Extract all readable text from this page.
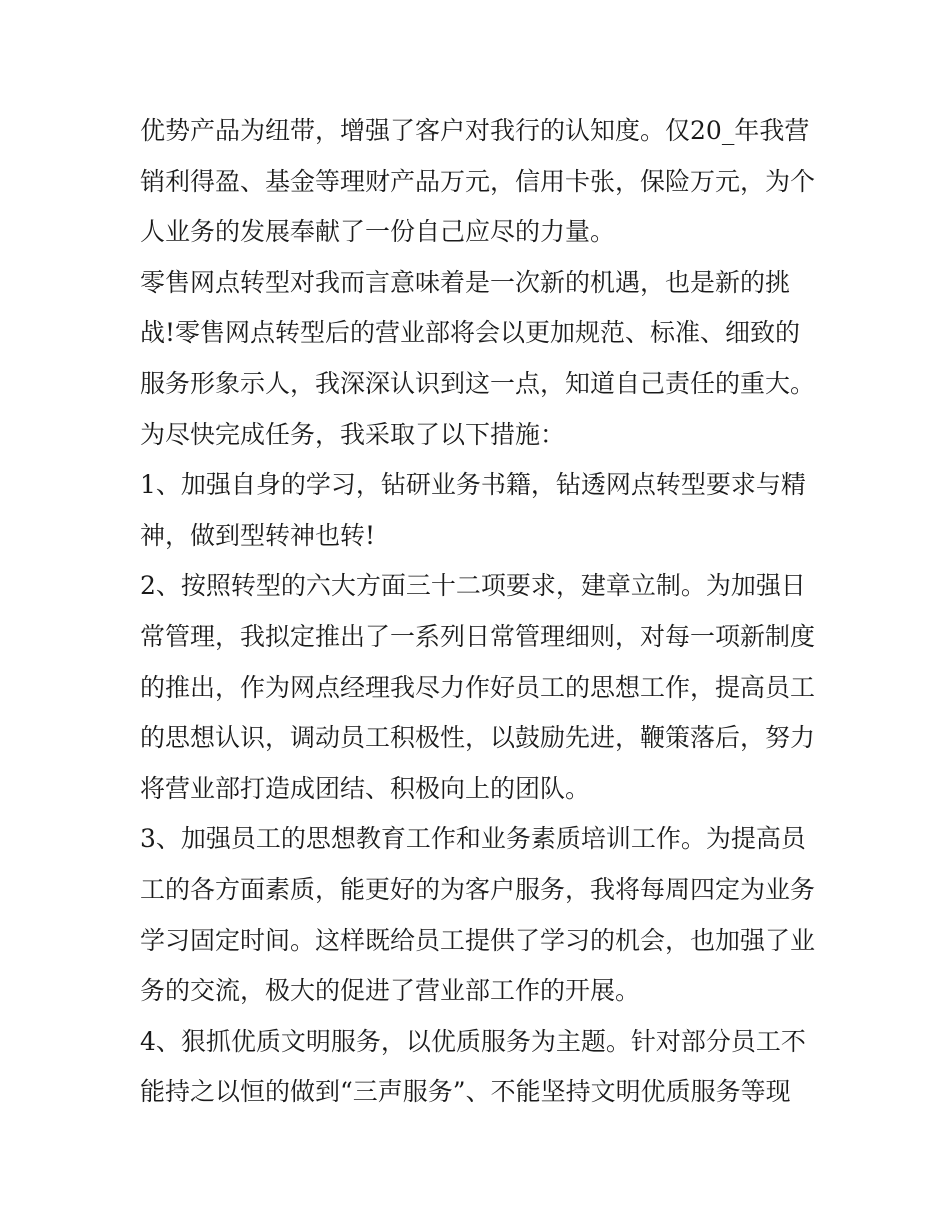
优势产品为纽带，增强了客户对我行的认知度。仅20_年我营
销利得盈、基金等理财产品万元，信用卡张，保险万元，为个
人业务的发展奉献了一份自己应尽的力量。
零售网点转型对我而言意味着是一次新的机遇，也是新的挑
战!零售网点转型后的营业部将会以更加规范、标准、细致的
服务形象示人，我深深认识到这一点，知道自己责任的重大。
为尽快完成任务，我采取了以下措施：
1、加强自身的学习，钻研业务书籍，钻透网点转型要求与精
神，做到型转神也转!
2、按照转型的六大方面三十二项要求，建章立制。为加强日
常管理，我拟定推出了一系列日常管理细则，对每一项新制度
的推出，作为网点经理我尽力作好员工的思想工作，提高员工
的思想认识，调动员工积极性，以鼓励先进，鞭策落后，努力
将营业部打造成团结、积极向上的团队。
3、加强员工的思想教育工作和业务素质培训工作。为提高员
工的各方面素质，能更好的为客户服务，我将每周四定为业务
学习固定时间。这样既给员工提供了学习的机会，也加强了业
务的交流，极大的促进了营业部工作的开展。
4、狠抓优质文明服务，以优质服务为主题。针对部分员工不
能持之以恒的做到“三声服务”、不能坚持文明优质服务等现
